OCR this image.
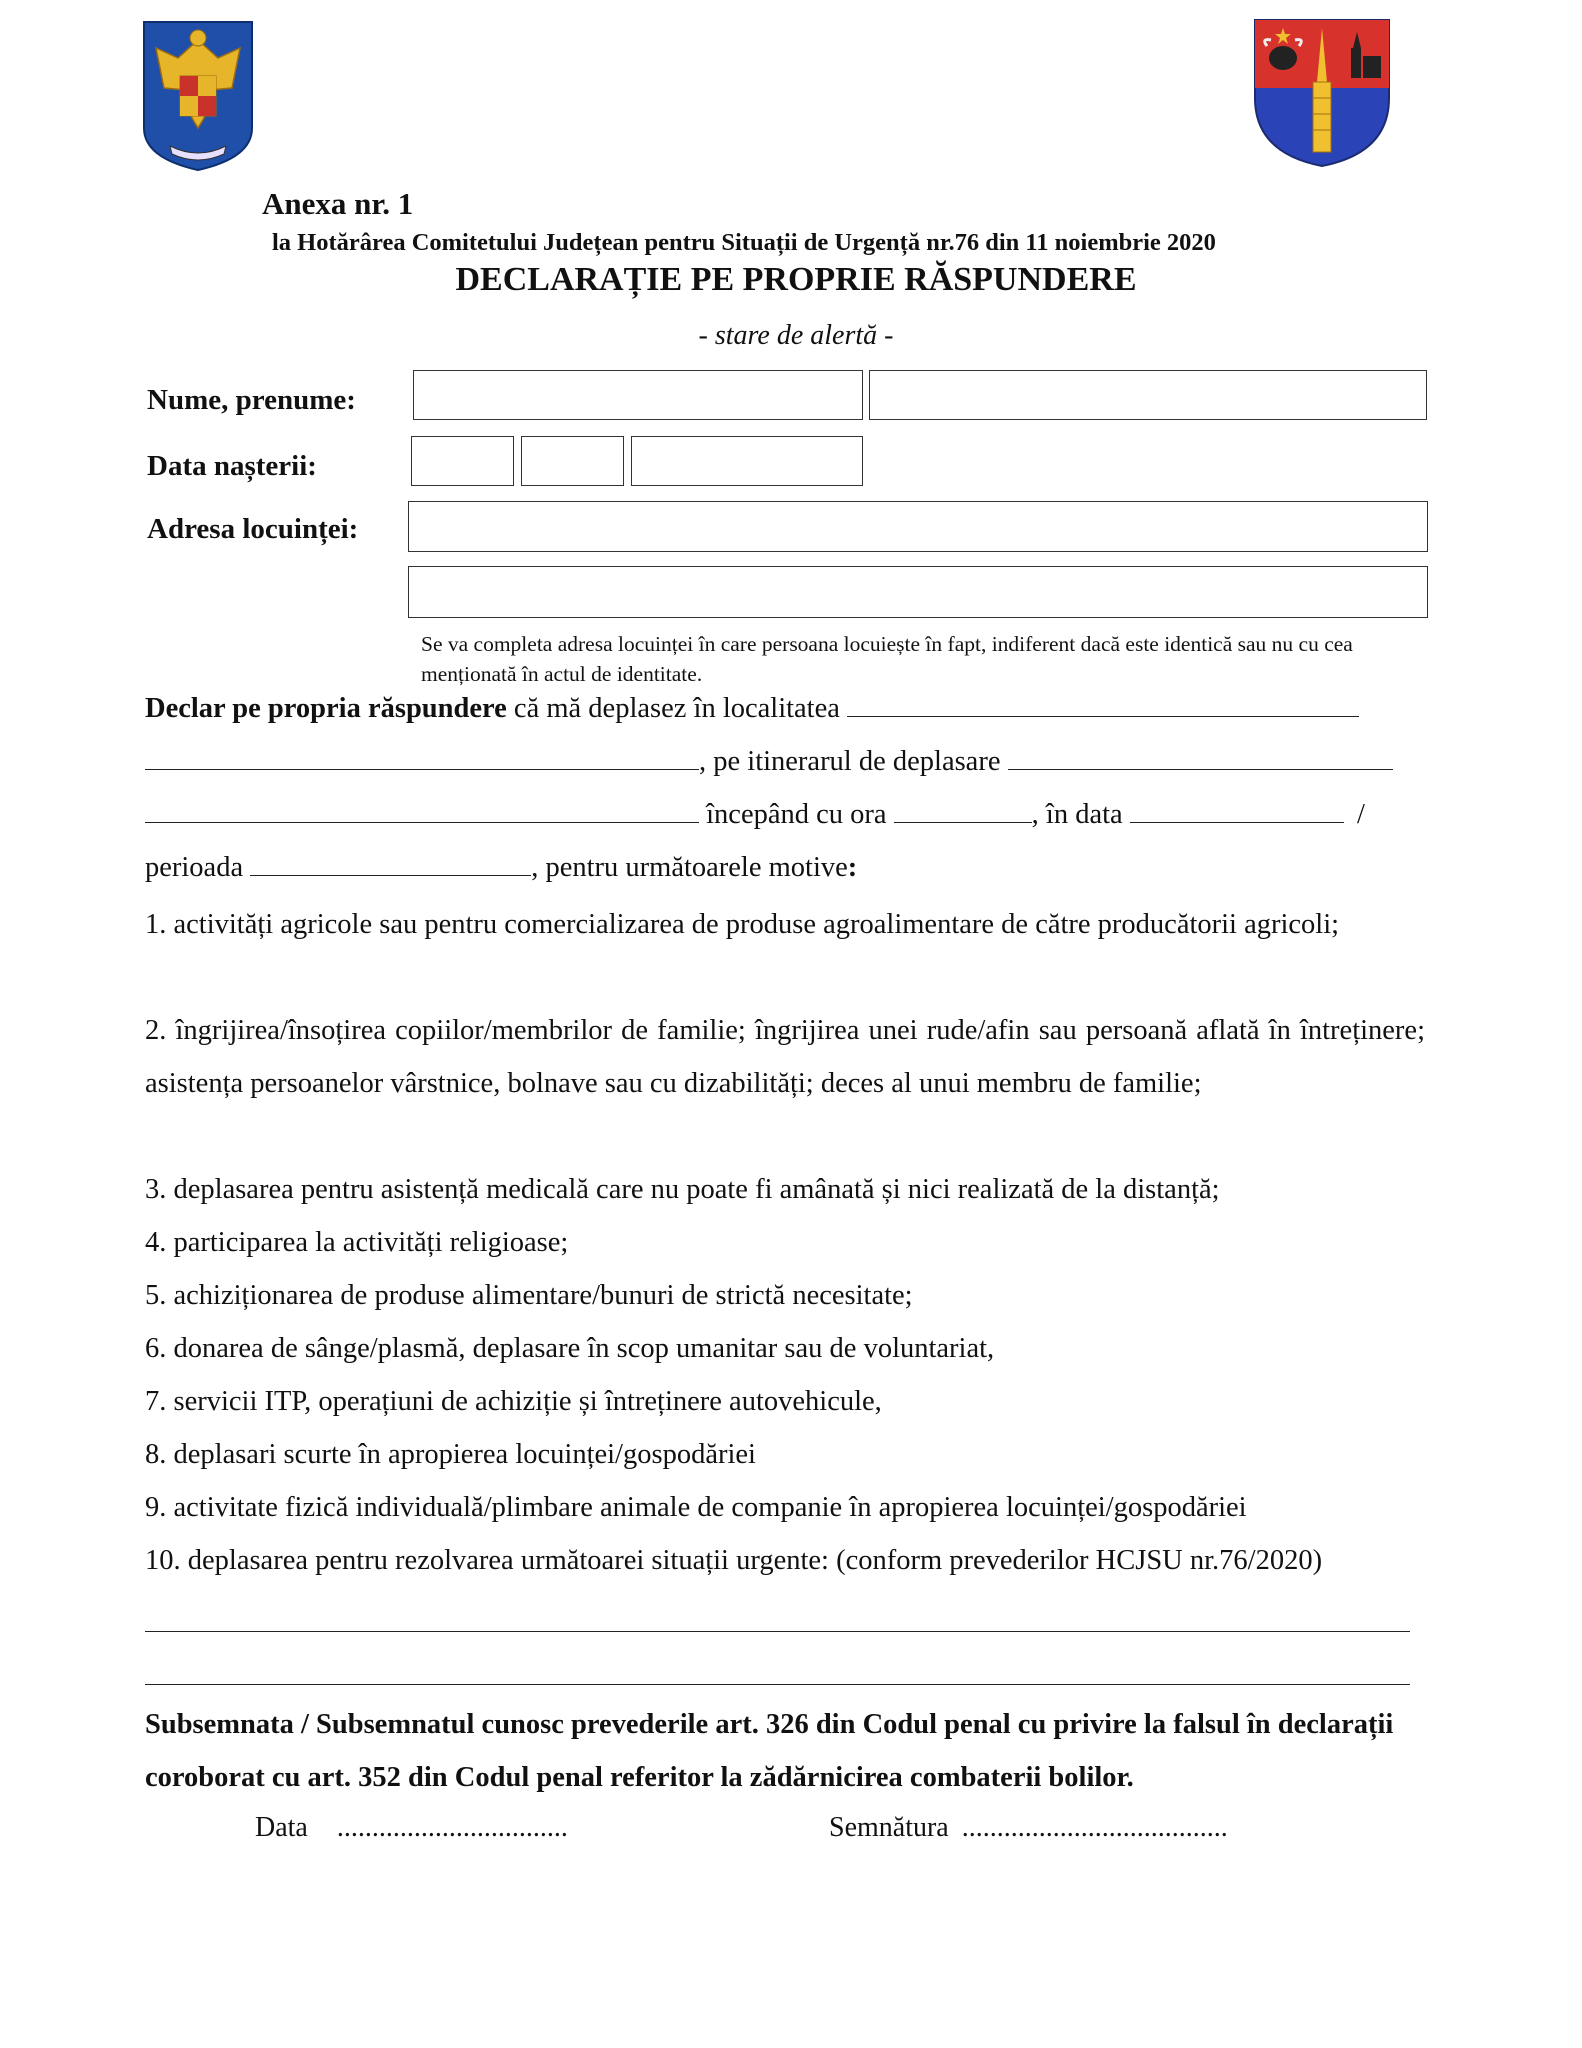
Anexa nr. 1
la Hotărârea Comitetului Județean pentru Situații de Urgență nr.76 din 11 noiembrie 2020
DECLARAȚIE PE PROPRIE RĂSPUNDERE
- stare de alertă -
Nume, prenume:
Data nașterii:
Adresa locuinței:
Se va completa adresa locuinței în care persoana locuiește în fapt, indiferent dacă este identică sau nu cu cea menționată în actul de identitate.
Declar pe propria răspundere că mă deplasez în localitatea
, pe itinerarul de deplasare
începând cu ora	, în data	/
perioada	, pentru următoarele motive:
1. activități agricole sau pentru comercializarea de produse agroalimentare de către producătorii agricoli;
2. îngrijirea/însoțirea copiilor/membrilor de familie; îngrijirea unei rude/afin sau persoană aflată în întreținere; asistența persoanelor vârstnice, bolnave sau cu dizabilități; deces al unui membru de familie;
3. deplasarea pentru asistență medicală care nu poate fi amânată și nici realizată de la distanță;
4. participarea la activități religioase;
5. achiziționarea de produse alimentare/bunuri de strictă necesitate;
6. donarea de sânge/plasmă, deplasare în scop umanitar sau de voluntariat,
7. servicii ITP, operațiuni de achiziție și întreținere autovehicule,
8. deplasari scurte în apropierea locuinței/gospodăriei
9. activitate fizică individuală/plimbare animale de companie în apropierea locuinței/gospodăriei
10. deplasarea pentru rezolvarea următoarei situații urgente: (conform prevederilor HCJSU nr.76/2020)
Subsemnata / Subsemnatul cunosc prevederile art. 326 din Codul penal cu privire la falsul în declarații coroborat cu art. 352 din Codul penal referitor la zădărnicirea combaterii bolilor.
Data .................................	Semnătura ......................................
